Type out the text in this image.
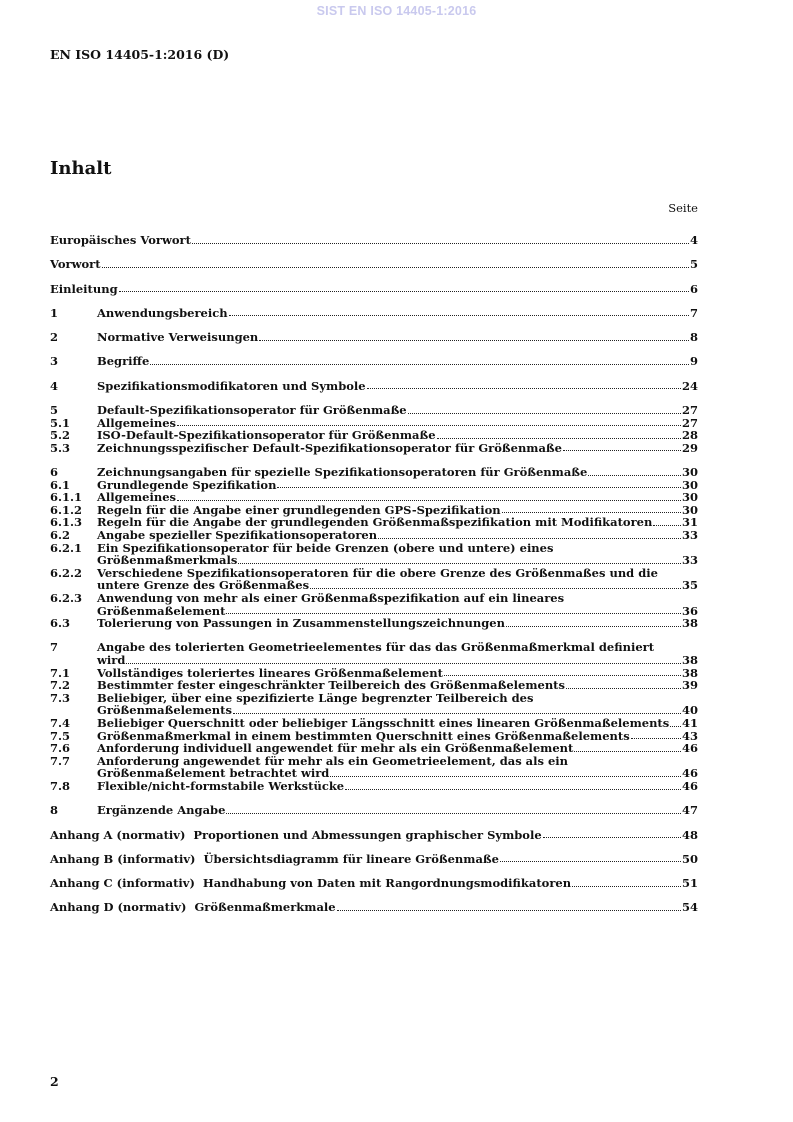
SIST EN ISO 14405-1:2016
EN ISO 14405-1:2016 (D)
Inhalt
Seite
Europäisches Vorwort	4
Vorwort	5
Einleitung	6
1	Anwendungsbereich	7
2	Normative Verweisungen	8
3	Begriffe	9
4	Spezifikationsmodifikatoren und Symbole	24
5	Default-Spezifikationsoperator für Größenmaße	27
5.1	Allgemeines	27
5.2	ISO-Default-Spezifikationsoperator für Größenmaße	28
5.3	Zeichnungsspezifischer Default-Spezifikationsoperator für Größenmaße	29
6	Zeichnungsangaben für spezielle Spezifikationsoperatoren für Größenmaße	30
6.1	Grundlegende Spezifikation	30
6.1.1	Allgemeines	30
6.1.2	Regeln für die Angabe einer grundlegenden GPS-Spezifikation	30
6.1.3	Regeln für die Angabe der grundlegenden Größenmaßspezifikation mit Modifikatoren	31
6.2	Angabe spezieller Spezifikationsoperatoren	33
6.2.1	Ein Spezifikationsoperator für beide Grenzen (obere und untere) eines
Größenmaßmerkmals	33
6.2.2	Verschiedene Spezifikationsoperatoren für die obere Grenze des Größenmaßes und die
untere Grenze des Größenmaßes	35
6.2.3	Anwendung von mehr als einer Größenmaßspezifikation auf ein lineares
Größenmaßelement	36
6.3	Tolerierung von Passungen in Zusammenstellungszeichnungen	38
7	Angabe des tolerierten Geometrieelementes für das das Größenmaßmerkmal definiert
wird	38
7.1	Vollständiges toleriertes lineares Größenmaßelement	38
7.2	Bestimmter fester eingeschränkter Teilbereich des Größenmaßelements	39
7.3	Beliebiger, über eine spezifizierte Länge begrenzter Teilbereich des
Größenmaßelements	40
7.4	Beliebiger Querschnitt oder beliebiger Längsschnitt eines linearen Größenmaßelements 41
7.5	Größenmaßmerkmal in einem bestimmten Querschnitt eines Größenmaßelements	43
7.6	Anforderung individuell angewendet für mehr als ein Größenmaßelement	46
7.7	Anforderung angewendet für mehr als ein Geometrieelement, das als ein
Größenmaßelement betrachtet wird	46
7.8	Flexible/nicht-formstabile Werkstücke	46
8	Ergänzende Angabe	47
Anhang A (normativ)  Proportionen und Abmessungen graphischer Symbole	48
Anhang B (informativ)  Übersichtsdiagramm für lineare Größenmaße	50
Anhang C (informativ)  Handhabung von Daten mit Rangordnungsmodifikatoren	51
Anhang D (normativ)  Größenmaßmerkmale	54
2
